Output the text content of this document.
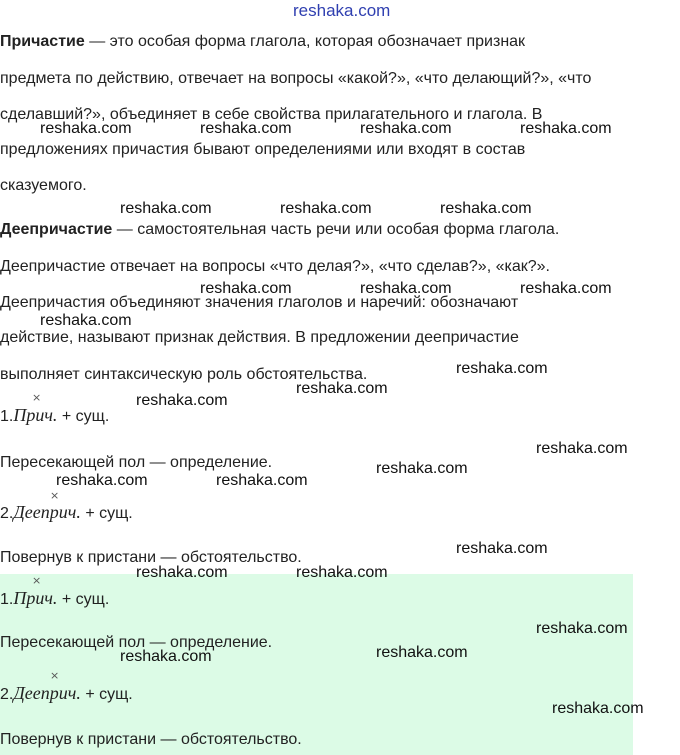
reshaka.com
Причастие — это особая форма глагола, которая обозначает признак
предмета по действию, отвечает на вопросы «какой?», «что делающий?», «что
сделавший?», объединяет в себе свойства прилагательного и глагола. В
предложениях причастия бывают определениями или входят в состав
сказуемого.
Деепричастие — самостоятельная часть речи или особая форма глагола.
Деепричастие отвечает на вопросы «что делая?», «что сделав?», «как?».
Деепричастия объединяют значения глаголов и наречий: обозначают
действие, называют признак действия. В предложении деепричастие
выполняет синтаксическую роль обстоятельства.
1.Прич. + сущ.
×
Пересекающей пол — определение.
2.Дееприч. + сущ.
×
Повернув к пристани — обстоятельство.
1.Прич. + сущ.
×
Пересекающей пол — определение.
2.Дееприч. + сущ.
×
Повернув к пристани — обстоятельство.
reshaka.com	reshaka.com	reshaka.com	reshaka.com
reshaka.com	reshaka.com	reshaka.com
reshaka.com	reshaka.com	reshaka.com
reshaka.com
reshaka.com
reshaka.com
reshaka.com
reshaka.com
reshaka.com
reshaka.com	reshaka.com
reshaka.com
reshaka.com	reshaka.com
reshaka.com
reshaka.com
reshaka.com
reshaka.com
